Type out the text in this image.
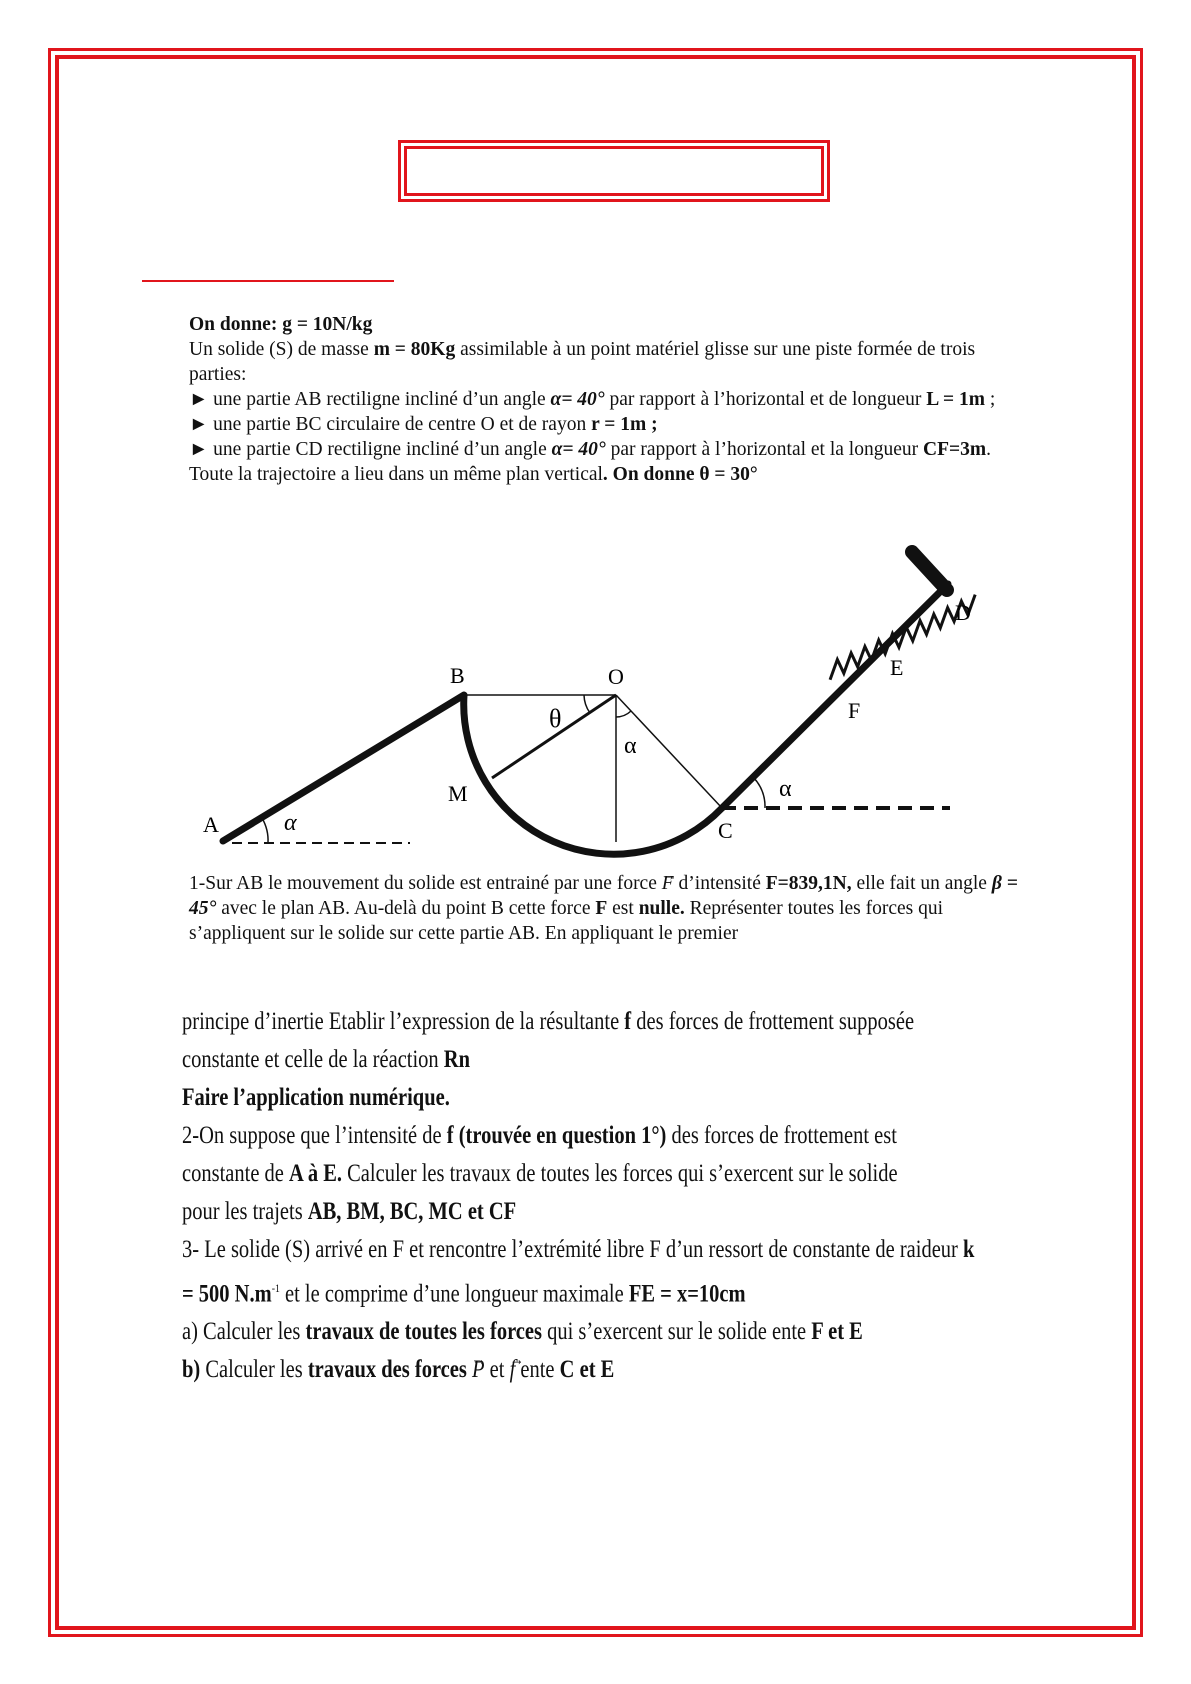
On donne: g = 10N/kg

Un solide (S) de masse m = 80Kg assimilable à un point matériel glisse sur une piste formée de trois parties:

► une partie AB rectiligne incliné d’un angle α= 40° par rapport à l’horizontal et de longueur L = 1m ;

► une partie BC circulaire de centre O et de rayon r = 1m ;

► une partie CD rectiligne incliné d’un angle α= 40° par rapport à l’horizontal et la longueur CF=3m. Toute la trajectoire a lieu dans un même plan vertical. On donne θ = 30°

A
B	O
M
C
D
E
F
θ
α
α
α

1-Sur AB le mouvement du solide est entrainé par une force → F d’intensité F=839,1N, elle fait un angle β = 45° avec le plan AB. Au-delà du point B cette force F est nulle. Représenter toutes les forces qui s’appliquent sur le solide sur cette partie AB. En appliquant le premier

principe d’inertie Etablir l’expression de la résultante f des forces de frottement supposée

constante et celle de la réaction Rn

Faire l’application numérique.

2-On suppose que l’intensité de f (trouvée en question 1°) des forces de frottement est

constante de A à E. Calculer les travaux de toutes les forces qui s’exercent sur le solide

pour les trajets AB, BM, BC, MC et CF

3- Le solide (S) arrivé en F et rencontre l’extrémité libre F d’un ressort de constante de raideur k

= 500 $N.m^{-1}$ et le comprime d’une longueur maximale FE = x=10cm

a) Calculer les travaux de toutes les forces qui s’exercent sur le solide ente F et E

b) Calculer les travaux des forces → P et → f ente C et E
